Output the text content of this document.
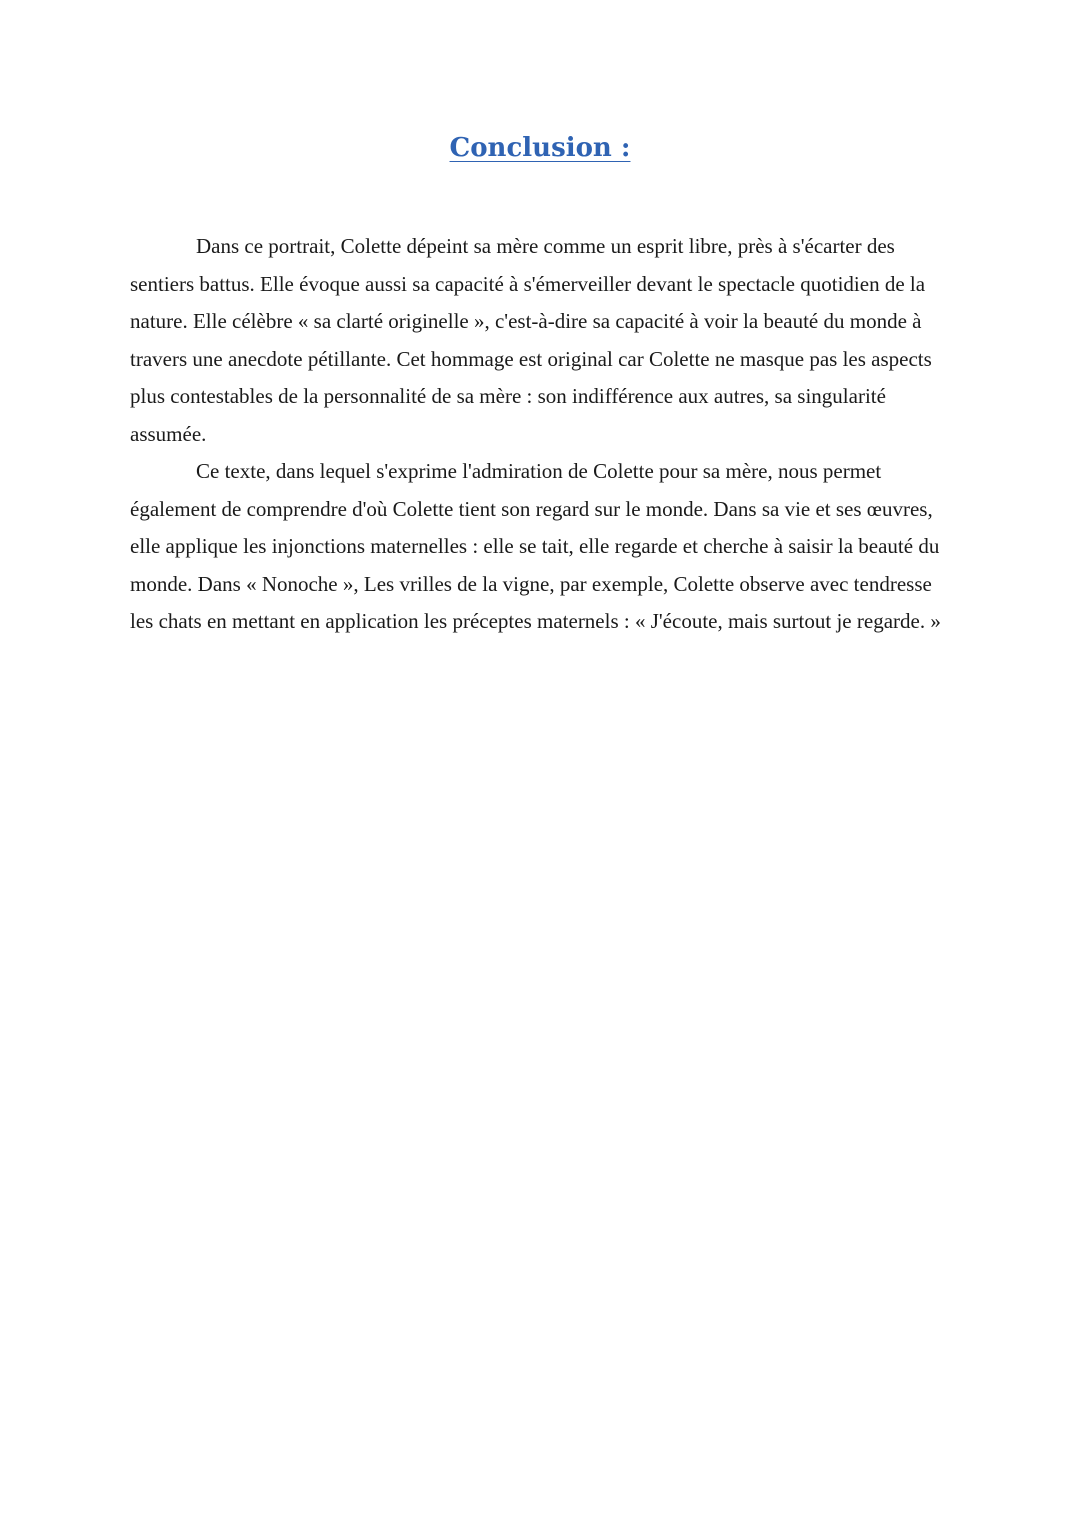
Conclusion :

Dans ce portrait, Colette dépeint sa mère comme un esprit libre, près à s'écarter des sentiers battus. Elle évoque aussi sa capacité à s'émerveiller devant le spectacle quotidien de la nature. Elle célèbre « sa clarté originelle », c'est-à-dire sa capacité à voir la beauté du monde à travers une anecdote pétillante. Cet hommage est original car Colette ne masque pas les aspects plus contestables de la personnalité de sa mère : son indifférence aux autres, sa singularité assumée.

Ce texte, dans lequel s'exprime l'admiration de Colette pour sa mère, nous permet également de comprendre d'où Colette tient son regard sur le monde. Dans sa vie et ses œuvres, elle applique les injonctions maternelles : elle se tait, elle regarde et cherche à saisir la beauté du monde. Dans « Nonoche », Les vrilles de la vigne, par exemple, Colette observe avec tendresse les chats en mettant en application les préceptes maternels : « J'écoute, mais surtout je regarde. »
